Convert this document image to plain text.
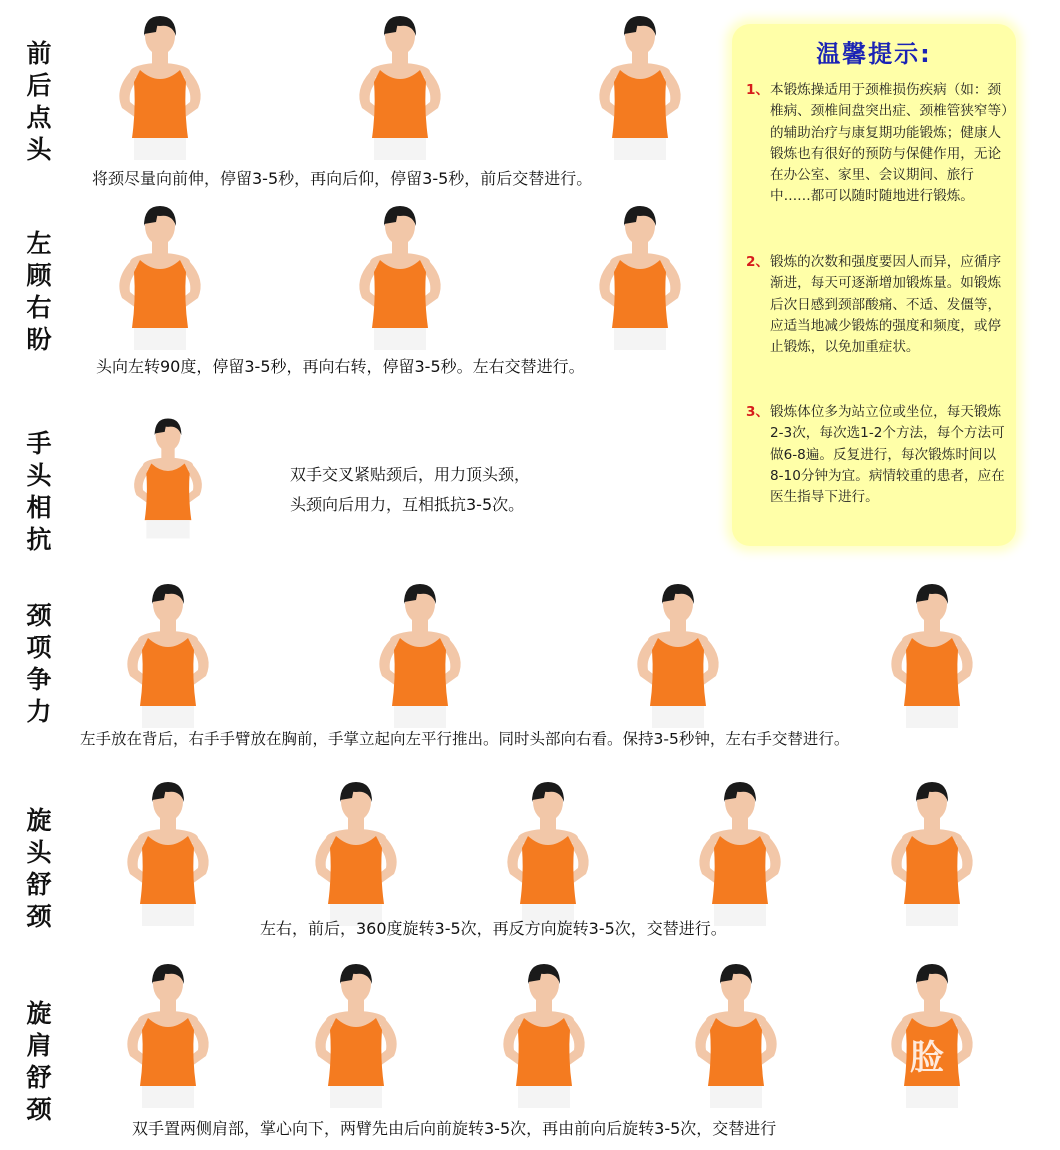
前
后
点
头
左
顾
右
盼
手
头
相
抗
颈
项
争
力
旋
头
舒
颈
旋
肩
舒
颈
将颈尽量向前伸，停留3-5秒，再向后仰，停留3-5秒，前后交替进行。
头向左转90度，停留3-5秒，再向右转，停留3-5秒。左右交替进行。
双手交叉紧贴颈后，用力顶头颈，
头颈向后用力，互相抵抗3-5次。
左手放在背后，右手手臂放在胸前，手掌立起向左平行推出。同时头部向右看。保持3-5秒钟，左右手交替进行。
左右，前后，360度旋转3-5次，再反方向旋转3-5次，交替进行。
脸
双手置两侧肩部，掌心向下，两臂先由后向前旋转3-5次，再由前向后旋转3-5次，交替进行
温馨提示:
1、 本锻炼操适用于颈椎损伤疾病（如：颈椎病、颈椎间盘突出症、颈椎管狭窄等）的辅助治疗与康复期功能锻炼；健康人锻炼也有很好的预防与保健作用，无论在办公室、家里、会议期间、旅行中……都可以随时随地进行锻炼。
2、 锻炼的次数和强度要因人而异，应循序渐进，每天可逐渐增加锻炼量。如锻炼后次日感到颈部酸痛、不适、发僵等，应适当地减少锻炼的强度和频度，或停止锻炼，以免加重症状。
3、 锻炼体位多为站立位或坐位，每天锻炼2-3次，每次选1-2个方法，每个方法可做6-8遍。反复进行，每次锻炼时间以8-10分钟为宜。病情较重的患者，应在医生指导下进行。
